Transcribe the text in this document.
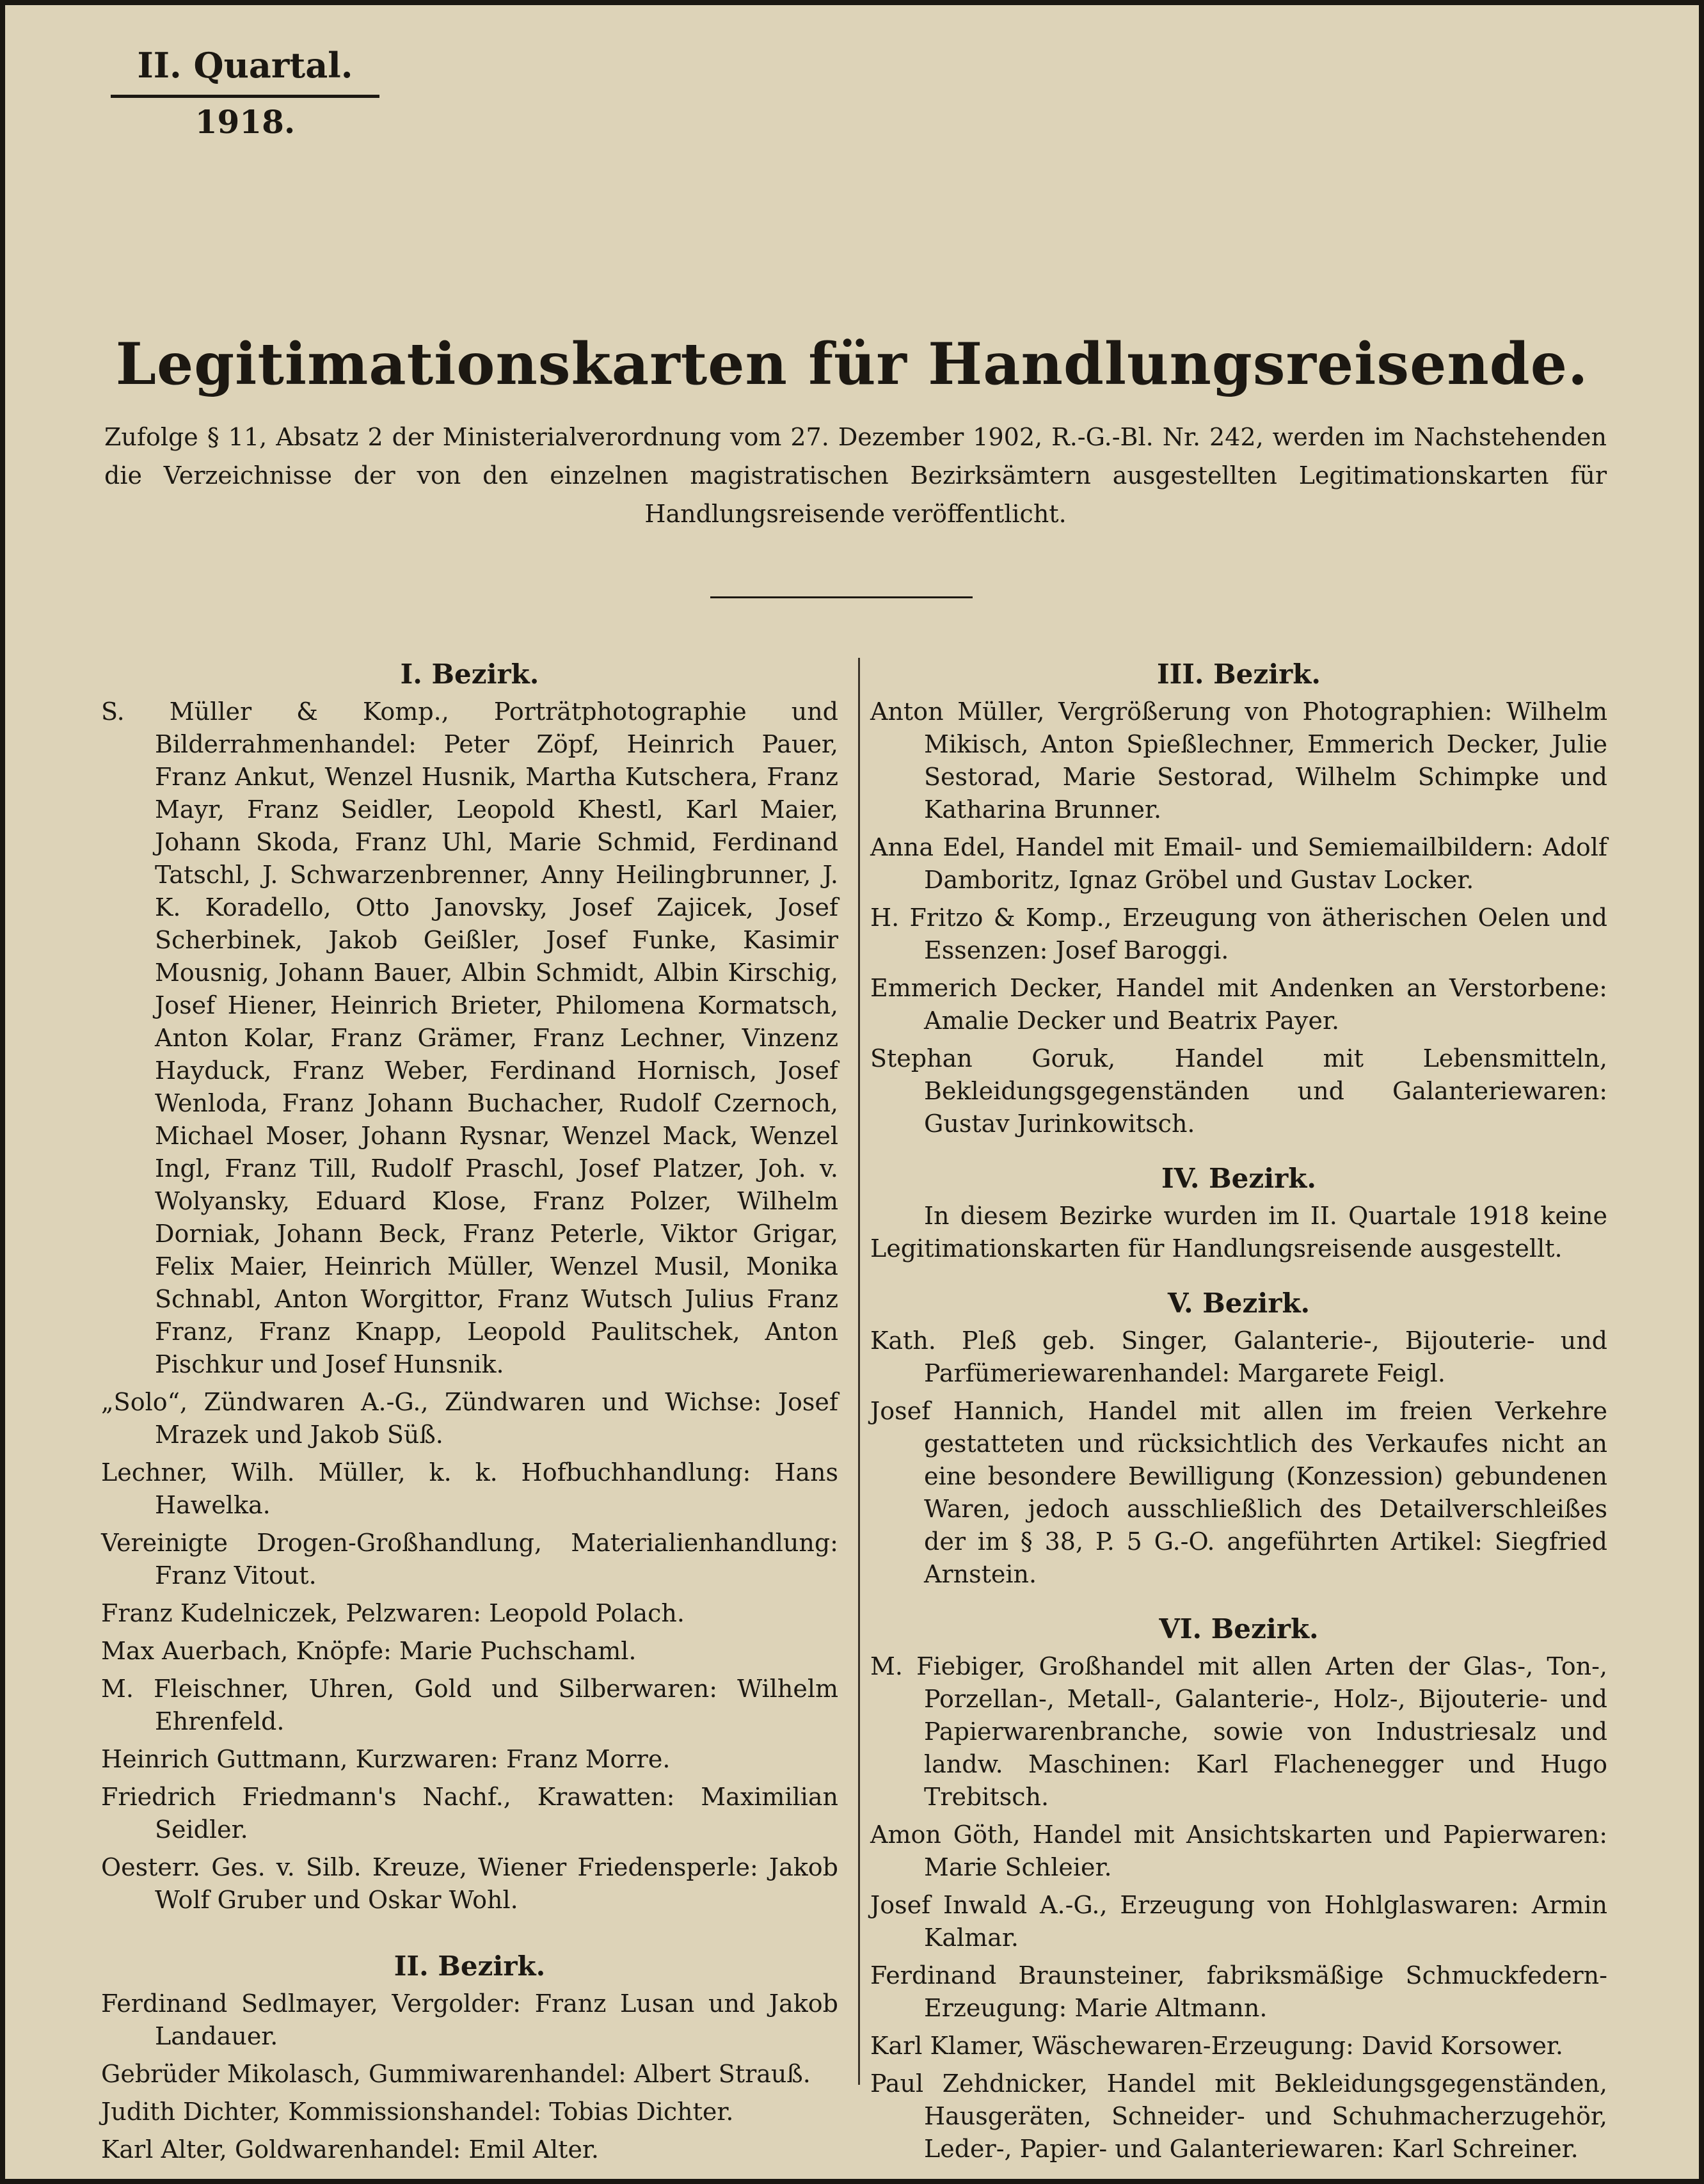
II. Quartal.
1918.
Legitimationskarten für Handlungsreisende.
Zufolge § 11, Absatz 2 der Ministerialverordnung vom 27. Dezember 1902, R.-G.-Bl. Nr. 242, werden im Nachstehenden die Verzeichnisse der von den einzelnen magistratischen Bezirksämtern ausgestellten Legitimationskarten für Handlungsreisende veröffentlicht.
I. Bezirk.
S. Müller & Komp., Porträtphotographie und Bilderrahmenhandel: Peter Zöpf, Heinrich Pauer, Franz Ankut, Wenzel Husnik, Martha Kutschera, Franz Mayr, Franz Seidler, Leopold Khestl, Karl Maier, Johann Skoda, Franz Uhl, Marie Schmid, Ferdinand Tatschl, J. Schwarzenbrenner, Anny Heilingbrunner, J. K. Koradello, Otto Janovsky, Josef Zajicek, Josef Scherbinek, Jakob Geißler, Josef Funke, Kasimir Mousnig, Johann Bauer, Albin Schmidt, Albin Kirschig, Josef Hiener, Heinrich Brieter, Philomena Kormatsch, Anton Kolar, Franz Grämer, Franz Lechner, Vinzenz Hayduck, Franz Weber, Ferdinand Hornisch, Josef Wenloda, Franz Johann Buchacher, Rudolf Czernoch, Michael Moser, Johann Rysnar, Wenzel Mack, Wenzel Ingl, Franz Till, Rudolf Praschl, Josef Platzer, Joh. v. Wolyansky, Eduard Klose, Franz Polzer, Wilhelm Dorniak, Johann Beck, Franz Peterle, Viktor Grigar, Felix Maier, Heinrich Müller, Wenzel Musil, Monika Schnabl, Anton Worgittor, Franz Wutsch Julius Franz Franz, Franz Knapp, Leopold Paulitschek, Anton Pischkur und Josef Hunsnik.
„Solo“, Zündwaren A.-G., Zündwaren und Wichse: Josef Mrazek und Jakob Süß.
Lechner, Wilh. Müller, k. k. Hofbuchhandlung: Hans Hawelka.
Vereinigte Drogen-Großhandlung, Materialienhandlung: Franz Vitout.
Franz Kudelniczek, Pelzwaren: Leopold Polach.
Max Auerbach, Knöpfe: Marie Puchschaml.
M. Fleischner, Uhren, Gold und Silberwaren: Wilhelm Ehrenfeld.
Heinrich Guttmann, Kurzwaren: Franz Morre.
Friedrich Friedmann's Nachf., Krawatten: Maximilian Seidler.
Oesterr. Ges. v. Silb. Kreuze, Wiener Friedensperle: Jakob Wolf Gruber und Oskar Wohl.
II. Bezirk.
Ferdinand Sedlmayer, Vergolder: Franz Lusan und Jakob Landauer.
Gebrüder Mikolasch, Gummiwarenhandel: Albert Strauß.
Judith Dichter, Kommissionshandel: Tobias Dichter.
Karl Alter, Goldwarenhandel: Emil Alter.
III. Bezirk.
Anton Müller, Vergrößerung von Photographien: Wilhelm Mikisch, Anton Spießlechner, Emmerich Decker, Julie Sestorad, Marie Sestorad, Wilhelm Schimpke und Katharina Brunner.
Anna Edel, Handel mit Email- und Semiemailbildern: Adolf Damboritz, Ignaz Gröbel und Gustav Locker.
H. Fritzo & Komp., Erzeugung von ätherischen Oelen und Essenzen: Josef Baroggi.
Emmerich Decker, Handel mit Andenken an Verstorbene: Amalie Decker und Beatrix Payer.
Stephan Goruk, Handel mit Lebensmitteln, Bekleidungsgegenständen und Galanteriewaren: Gustav Jurinkowitsch.
IV. Bezirk.
In diesem Bezirke wurden im II. Quartale 1918 keine Legitimationskarten für Handlungsreisende ausgestellt.
V. Bezirk.
Kath. Pleß geb. Singer, Galanterie-, Bijouterie- und Parfümeriewarenhandel: Margarete Feigl.
Josef Hannich, Handel mit allen im freien Verkehre gestatteten und rücksichtlich des Verkaufes nicht an eine besondere Bewilligung (Konzession) gebundenen Waren, jedoch ausschließlich des Detailverschleißes der im § 38, P. 5 G.-O. angeführten Artikel: Siegfried Arnstein.
VI. Bezirk.
M. Fiebiger, Großhandel mit allen Arten der Glas-, Ton-, Porzellan-, Metall-, Galanterie-, Holz-, Bijouterie- und Papierwarenbranche, sowie von Industriesalz und landw. Maschinen: Karl Flachenegger und Hugo Trebitsch.
Amon Göth, Handel mit Ansichtskarten und Papierwaren: Marie Schleier.
Josef Inwald A.-G., Erzeugung von Hohlglaswaren: Armin Kalmar.
Ferdinand Braunsteiner, fabriksmäßige Schmuckfedern-Erzeugung: Marie Altmann.
Karl Klamer, Wäschewaren-Erzeugung: David Korsower.
Paul Zehdnicker, Handel mit Bekleidungsgegenständen, Hausgeräten, Schneider- und Schuhmacherzugehör, Leder-, Papier- und Galanteriewaren: Karl Schreiner.
